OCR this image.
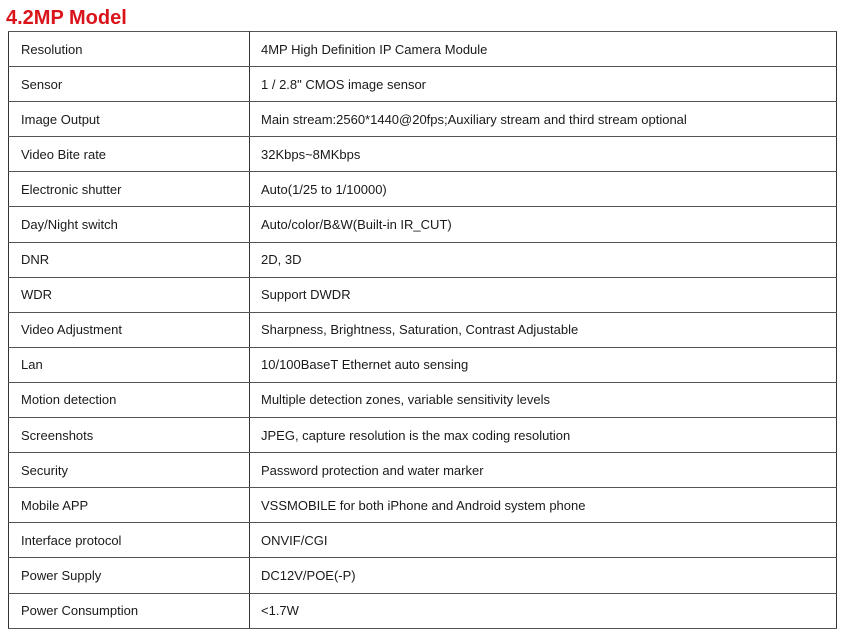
4.2MP Model
Resolution	4MP High Definition IP Camera Module
Sensor	1 / 2.8" CMOS image sensor
Image Output	Main stream:2560*1440@20fps;Auxiliary stream and third stream optional
Video Bite rate	32Kbps~8MKbps
Electronic shutter	Auto(1/25 to 1/10000)
Day/Night switch	Auto/color/B&W(Built-in IR_CUT)
DNR	2D, 3D
WDR	Support DWDR
Video Adjustment	Sharpness, Brightness, Saturation, Contrast Adjustable
Lan	10/100BaseT Ethernet auto sensing
Motion detection	Multiple detection zones, variable sensitivity levels
Screenshots	JPEG, capture resolution is the max coding resolution
Security	Password protection and water marker
Mobile APP	VSSMOBILE for both iPhone and Android system phone
Interface protocol	ONVIF/CGI
Power Supply	DC12V/POE(-P)
Power Consumption	<1.7W
